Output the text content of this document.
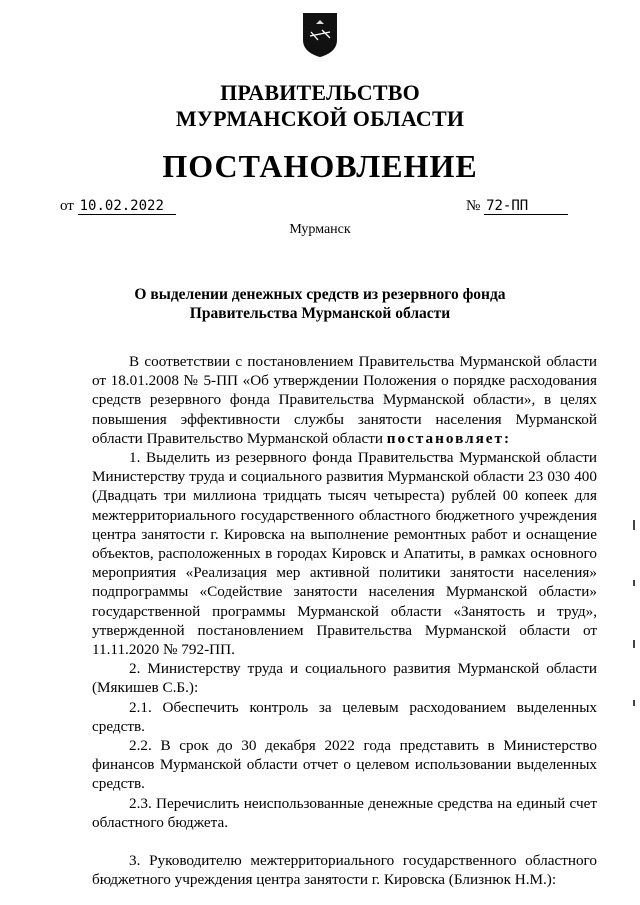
ПРАВИТЕЛЬСТВО
МУРМАНСКОЙ ОБЛАСТИ
ПОСТАНОВЛЕНИЕ
от 10.02.2022	№ 72-ПП
Мурманск
О выделении денежных средств из резервного фонда
Правительства Мурманской области

В соответствии с постановлением Правительства Мурманской области от 18.01.2008 № 5-ПП «Об утверждении Положения о порядке расходования средств резервного фонда Правительства Мурманской области», в целях повышения эффективности службы занятости населения Мурманской области Правительство Мурманской области постановляет:

1. Выделить из резервного фонда Правительства Мурманской области Министерству труда и социального развития Мурманской области 23 030 400 (Двадцать три миллиона тридцать тысяч четыреста) рублей 00 копеек для межтерриториального государственного областного бюджетного учреждения центра занятости г. Кировска на выполнение ремонтных работ и оснащение объектов, расположенных в городах Кировск и Апатиты, в рамках основного мероприятия «Реализация мер активной политики занятости населения» подпрограммы «Содействие занятости населения Мурманской области» государственной программы Мурманской области «Занятость и труд», утвержденной постановлением Правительства Мурманской области от 11.11.2020 № 792-ПП.

2. Министерству труда и социального развития Мурманской области (Мякишев С.Б.):

2.1. Обеспечить контроль за целевым расходованием выделенных средств.

2.2. В срок до 30 декабря 2022 года представить в Министерство финансов Мурманской области отчет о целевом использовании выделенных средств.

2.3. Перечислить неиспользованные денежные средства на единый счет областного бюджета.

3. Руководителю межтерриториального государственного областного бюджетного учреждения центра занятости г. Кировска (Близнюк Н.М.):
